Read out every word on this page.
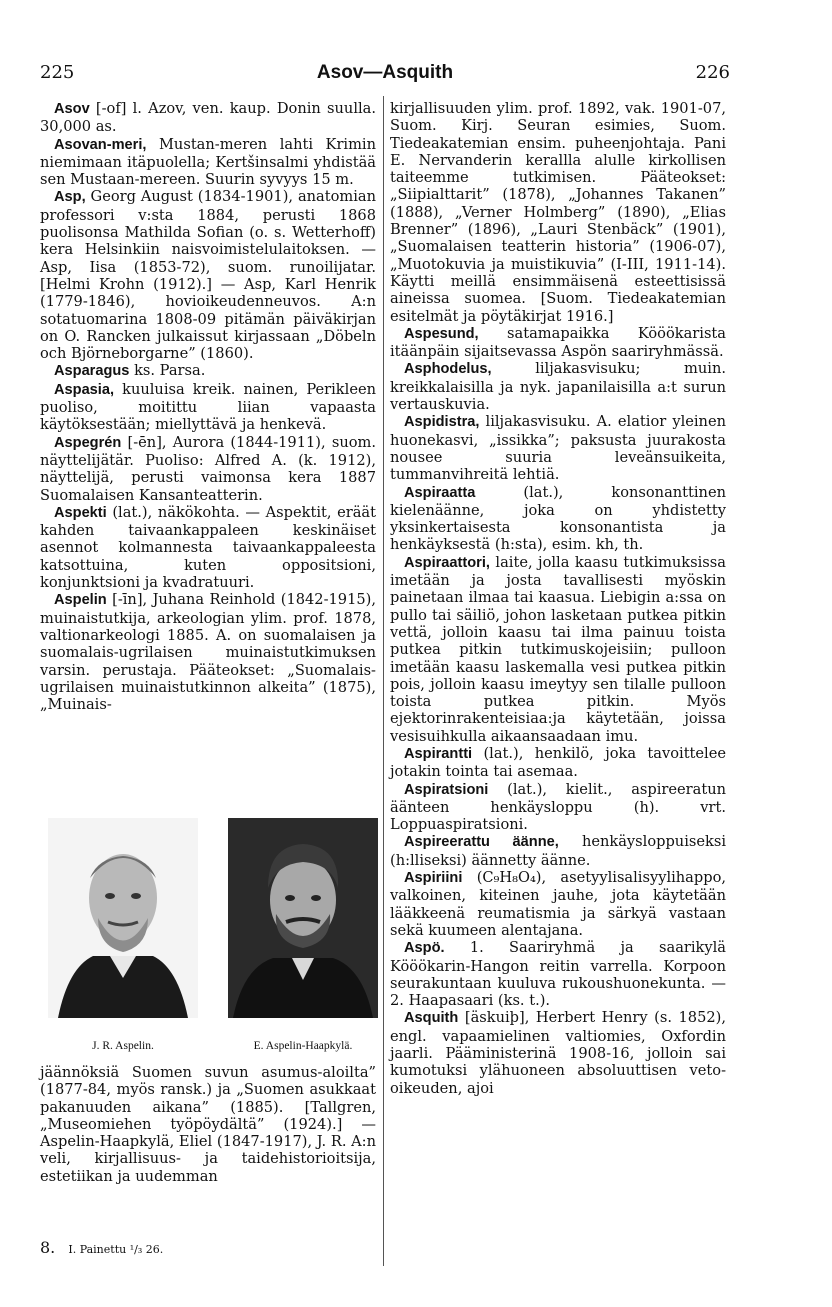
225	Asov—Asquith	226

Asov [-of] l. Azov, ven. kaup. Donin suulla. 30,000 as.

Asovan-meri, Mustan-meren lahti Krimin niemimaan itäpuolella; Kertšinsalmi yhdistää sen Mustaan-mereen. Suurin syvyys 15 m.

Asp, Georg August (1834-1901), anatomian professori v:sta 1884, perusti 1868 puolisonsa Mathilda Sofian (o. s. Wetterhoff) kera Helsinkiin naisvoimistelulaitoksen. — Asp, Iisa (1853-72), suom. runoilijatar. [Helmi Krohn (1912).] — Asp, Karl Henrik (1779-1846), hovioikeudenneuvos. A:n sotatuomarina 1808-09 pitämän päiväkirjan on O. Rancken julkaissut kirjassaan „Döbeln och Björneborgarne” (1860).

Asparagus ks. Parsa.

Aspasia, kuuluisa kreik. nainen, Perikleen puoliso, moitittu liian vapaasta käytöksestään; miellyttävä ja henkevä.

Aspegrén [-ēn], Aurora (1844-1911), suom. näyttelijätär. Puoliso: Alfred A. (k. 1912), näyttelijä, perusti vaimonsa kera 1887 Suomalaisen Kansanteatterin.

Aspekti (lat.), näkökohta. — Aspektit, eräät kahden taivaankappaleen keskinäiset asennot kolmannesta taivaankappaleesta katsottuina, kuten oppositsioni, konjunktsioni ja kvadratuuri.

Aspelin [-īn], Juhana Reinhold (1842-1915), muinaistutkija, arkeologian ylim. prof. 1878, valtionarkeologi 1885. A. on suomalaisen ja suomalais-ugrilaisen muinaistutkimuksen varsin. perustaja. Pääteokset: „Suomalais-ugrilaisen muinaistutkinnon alkeita” (1875), „Muinais-

J. R. Aspelin.	E. Aspelin-Haapkylä.
jäännöksiä Suomen suvun asumus-aloilta” (1877-84, myös ransk.) ja „Suomen asukkaat pakanuuden aikana” (1885). [Tallgren, „Museomiehen työpöydältä” (1924).] — Aspelin-Haapkylä, Eliel (1847-1917), J. R. A:n veli, kirjallisuus- ja taidehistorioitsija, estetiikan ja uudemman

kirjallisuuden ylim. prof. 1892, vak. 1901-07, Suom. Kirj. Seuran esimies, Suom. Tiedeakatemian ensim. puheenjohtaja. Pani E. Nervanderin kerallla alulle kirkollisen taiteemme tutkimisen. Pääteokset: „Siipialttarit” (1878), „Johannes Takanen” (1888), „Verner Holmberg” (1890), „Elias Brenner” (1896), „Lauri Stenbäck” (1901), „Suomalaisen teatterin historia” (1906-07), „Muotokuvia ja muistikuvia” (I-III, 1911-14). Käytti meillä ensimmäisenä esteettisissä aineissa suomea. [Suom. Tiedeakatemian esitelmät ja pöytäkirjat 1916.]

Aspesund, satamapaikka Kööökarista itäänpäin sijaitsevassa Aspön saariryhmässä.

Asphodelus, liljakasvisuku; muin. kreikkalaisilla ja nyk. japanilaisilla a:t surun vertauskuvia.

Aspidistra, liljakasvisuku. A. elatior yleinen huonekasvi, „issikka”; paksusta juurakosta nousee suuria leveänsuikeita, tummanvihreitä lehtiä.

Aspiraatta (lat.), konsonanttinen kielenäänne, joka on yhdistetty yksinkertaisesta konsonantista ja henkäyksestä (h:sta), esim. kh, th.

Aspiraattori, laite, jolla kaasu tutkimuksissa imetään ja josta tavallisesti myöskin painetaan ilmaa tai kaasua. Liebigin a:ssa on pullo tai säiliö, johon lasketaan putkea pitkin vettä, jolloin kaasu tai ilma painuu toista putkea pitkin tutkimuskojeisiin; pulloon imetään kaasu laskemalla vesi putkea pitkin pois, jolloin kaasu imeytyy sen tilalle pulloon toista putkea pitkin. Myös ejektorinrakenteisiaa:ja käytetään, joissa vesisuihkulla aikaansaadaan imu.

Aspirantti (lat.), henkilö, joka tavoittelee jotakin tointa tai asemaa.

Aspiratsioni (lat.), kielit., aspireeratun äänteen henkäysloppu (h). vrt. Loppuaspiratsioni.

Aspireerattu äänne, henkäysloppuiseksi (h:lliseksi) äännetty äänne.

Aspiriini (C₉H₈O₄), asetyylisalisyylihappo, valkoinen, kiteinen jauhe, jota käytetään lääkkeenä reumatismia ja särkyä vastaan sekä kuumeen alentajana.

Aspö. 1. Saariryhmä ja saarikylä Kööökarin-Hangon reitin varrella. Korpoon seurakuntaan kuuluva rukoushuonekunta. — 2. Haapasaari (ks. t.).

Asquith [äskuiþ], Herbert Henry (s. 1852), engl. vapaamielinen valtiomies, Oxfordin jaarli. Pääministerinä 1908-16, jolloin sai kumotuksi ylähuoneen absoluuttisen veto-oikeuden, ajoi

8. I. Painettu ¹/₃ 26.
